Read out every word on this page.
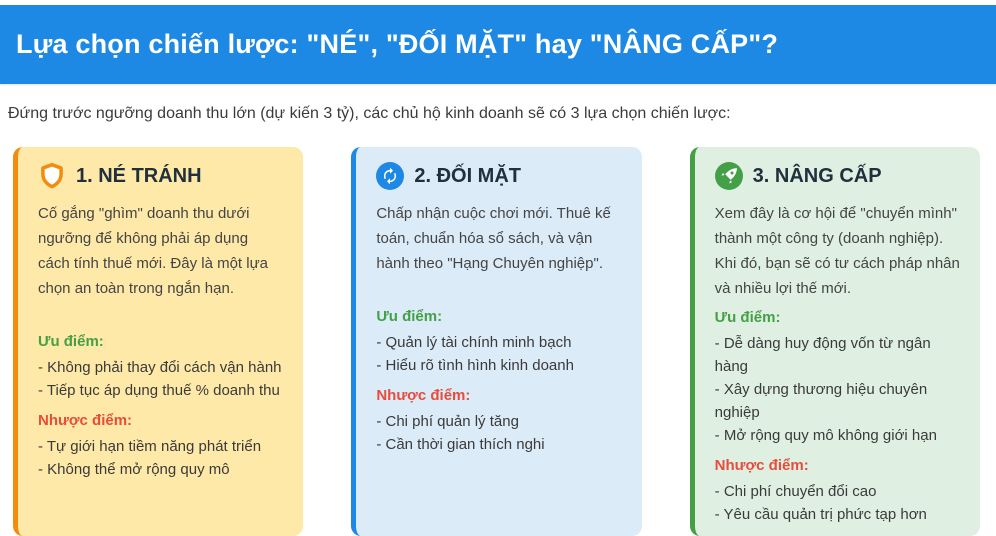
Lựa chọn chiến lược: "NÉ", "ĐỐI MẶT" hay "NÂNG CẤP"?

Đứng trước ngưỡng doanh thu lớn (dự kiến 3 tỷ), các chủ hộ kinh doanh sẽ có 3 lựa chọn chiến lược:

1. NÉ TRÁNH
Cố gắng "ghìm" doanh thu dưới ngưỡng để không phải áp dụng cách tính thuế mới. Đây là một lựa chọn an toàn trong ngắn hạn.
Ưu điểm:
- Không phải thay đổi cách vận hành
- Tiếp tục áp dụng thuế % doanh thu
Nhược điểm:
- Tự giới hạn tiềm năng phát triển
- Không thể mở rộng quy mô
2. ĐỐI MẶT
Chấp nhận cuộc chơi mới. Thuê kế toán, chuẩn hóa sổ sách, và vận hành theo "Hạng Chuyên nghiệp".
Ưu điểm:
- Quản lý tài chính minh bạch
- Hiểu rõ tình hình kinh doanh
Nhược điểm:
- Chi phí quản lý tăng
- Cần thời gian thích nghi
3. NÂNG CẤP
Xem đây là cơ hội để "chuyển mình" thành một công ty (doanh nghiệp). Khi đó, bạn sẽ có tư cách pháp nhân và nhiều lợi thế mới.
Ưu điểm:
- Dễ dàng huy động vốn từ ngân hàng
- Xây dựng thương hiệu chuyên nghiệp
- Mở rộng quy mô không giới hạn
Nhược điểm:
- Chi phí chuyển đổi cao
- Yêu cầu quản trị phức tạp hơn
